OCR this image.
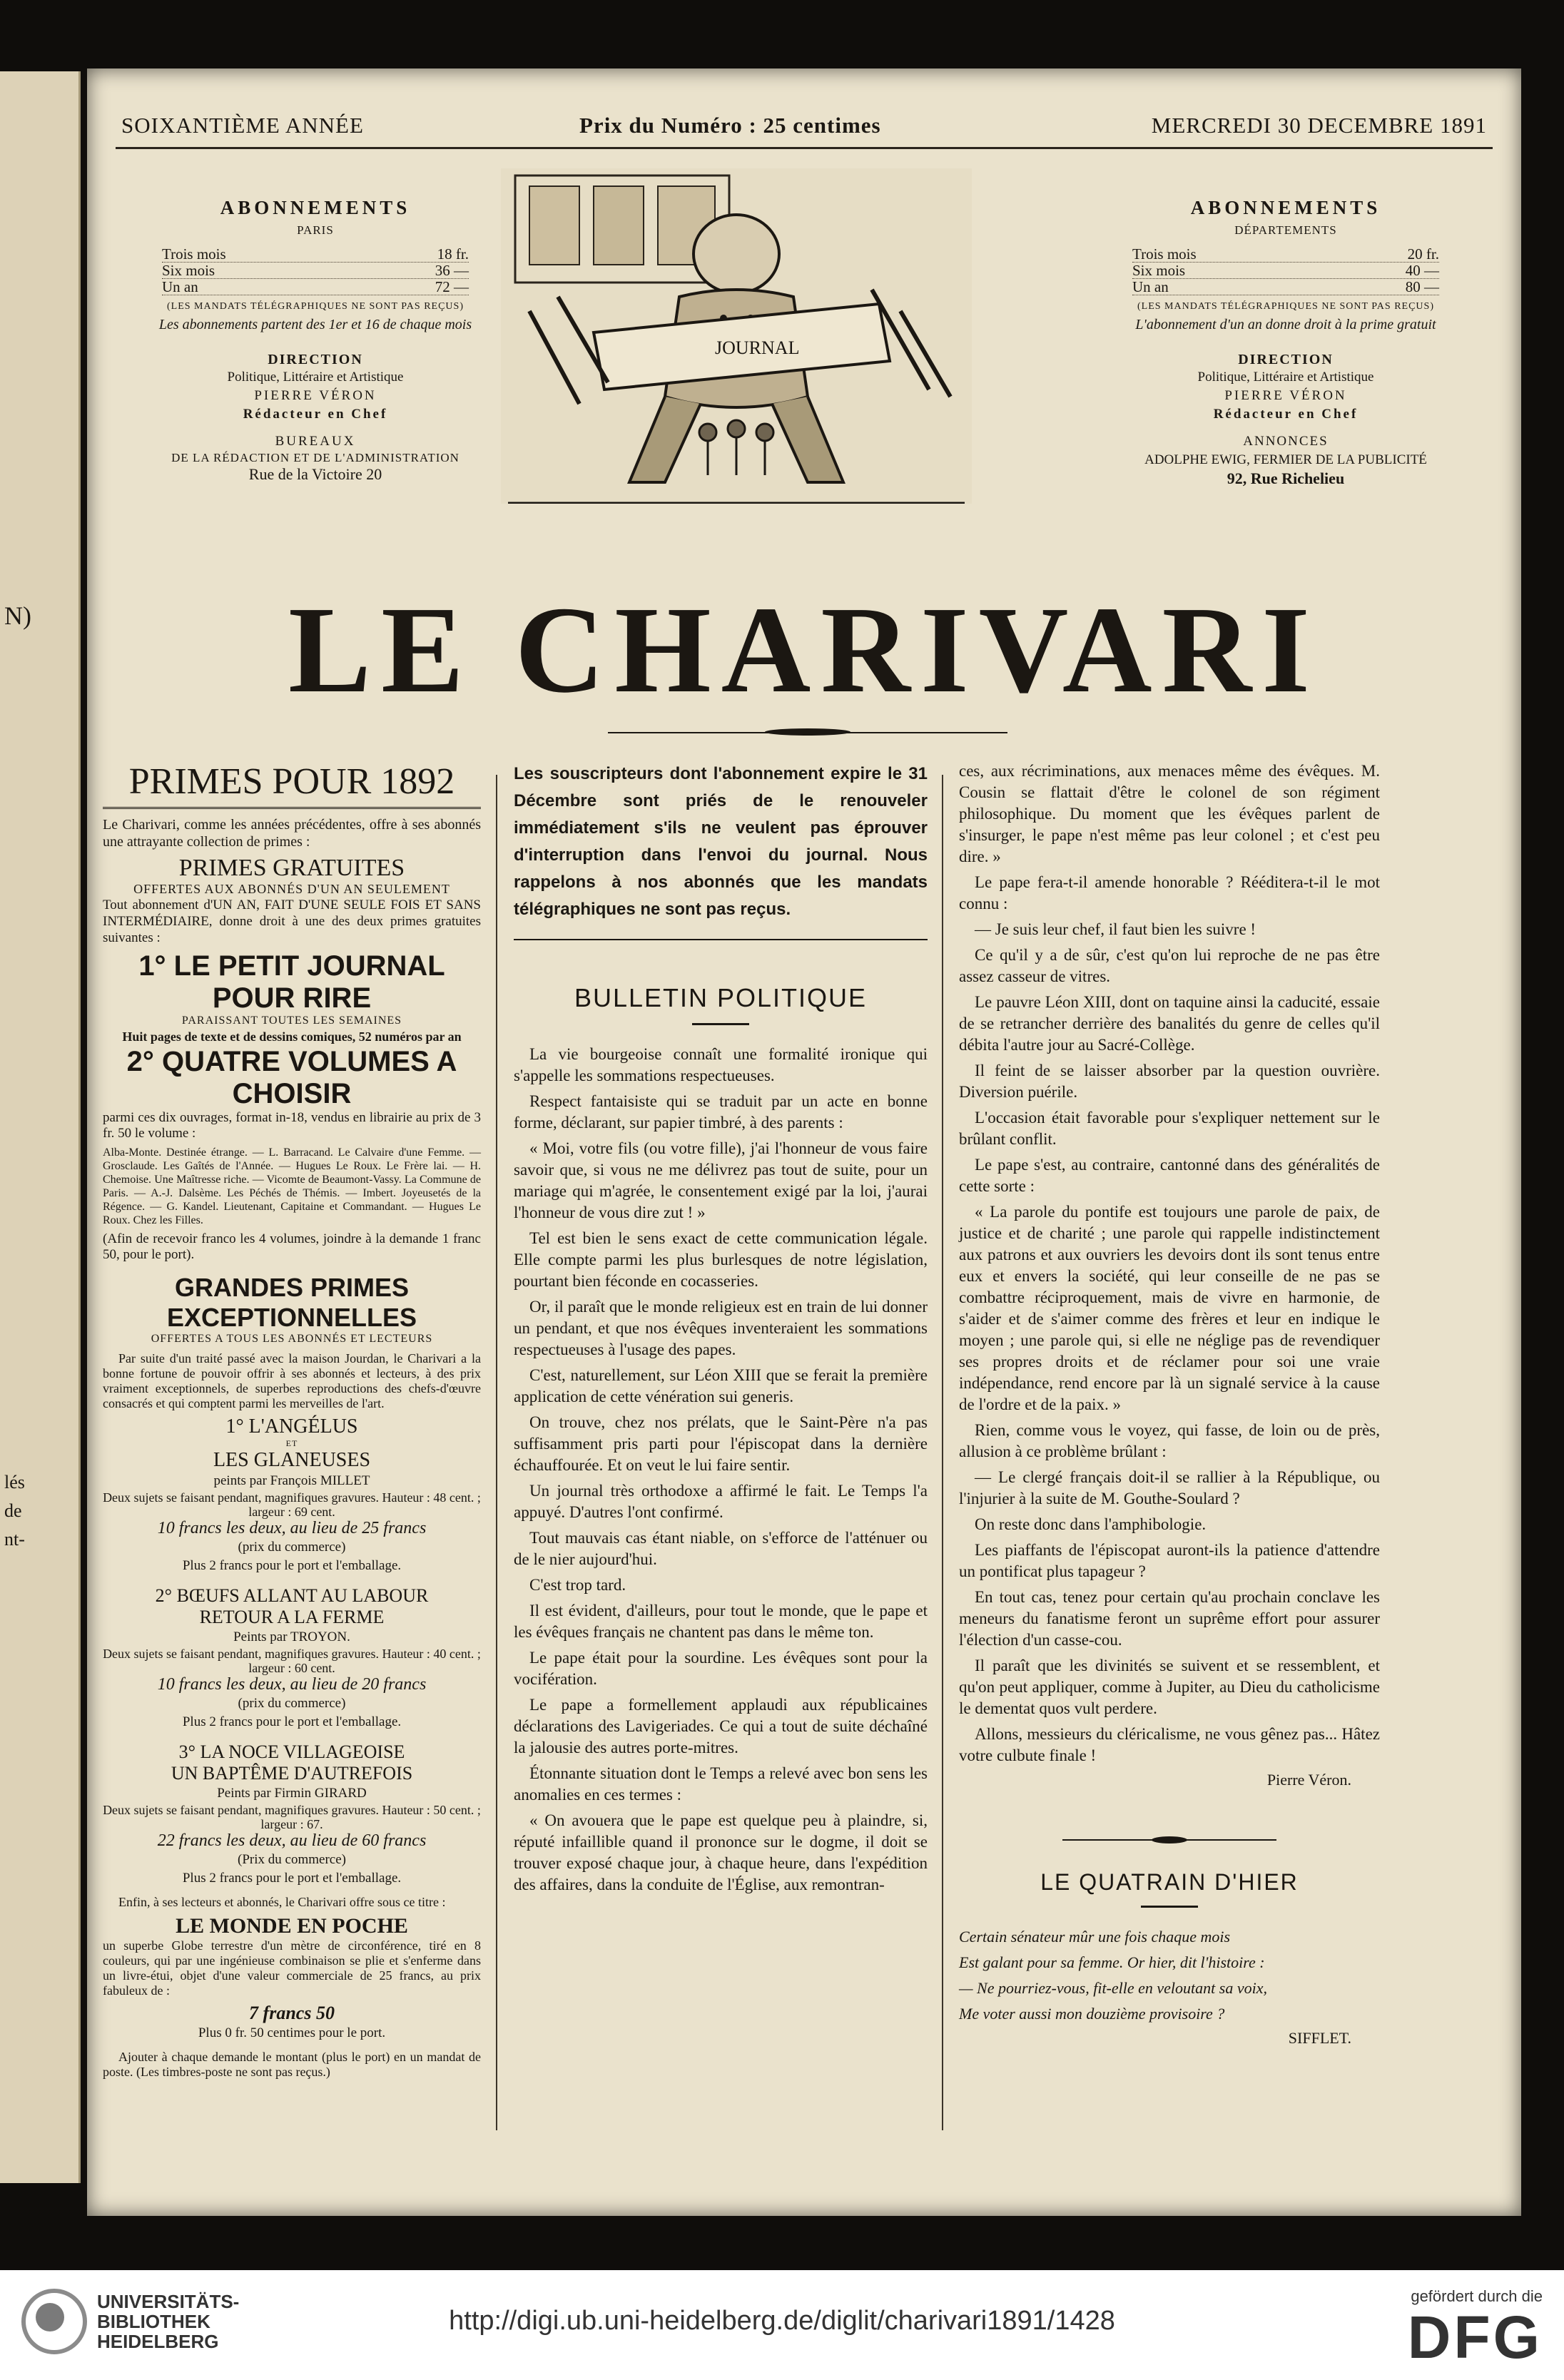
N)
lés
de
nt-
SOIXANTIÈME ANNÉE	Prix du Numéro : 25 centimes	MERCREDI 30 DECEMBRE 1891
ABONNEMENTS
PARIS
Trois mois	18 fr.
Six mois	36 —
Un an	72 —
(LES MANDATS TÉLÉGRAPHIQUES NE SONT PAS REÇUS)
Les abonnements partent des 1er et 16 de chaque mois
DIRECTION
Politique, Littéraire et Artistique
PIERRE VÉRON
Rédacteur en Chef
BUREAUX
DE LA RÉDACTION ET DE L'ADMINISTRATION
Rue de la Victoire 20
JOURNAL
ABONNEMENTS
DÉPARTEMENTS
Trois mois	20 fr.
Six mois	40 —
Un an	80 —
(LES MANDATS TÉLÉGRAPHIQUES NE SONT PAS REÇUS)
L'abonnement d'un an donne droit à la prime gratuit
DIRECTION
Politique, Littéraire et Artistique
PIERRE VÉRON
Rédacteur en Chef
ANNONCES
ADOLPHE EWIG, FERMIER DE LA PUBLICITÉ
92, Rue Richelieu
LE CHARIVARI
PRIMES POUR 1892

Le Charivari, comme les années précédentes, offre à ses abonnés une attrayante collection de primes :

PRIMES GRATUITES
OFFERTES AUX ABONNÉS D'UN AN SEULEMENT

Tout abonnement d'UN AN, FAIT D'UNE SEULE FOIS ET SANS INTERMÉDIAIRE, donne droit à une des deux primes gratuites suivantes :

1° LE PETIT JOURNAL POUR RIRE
PARAISSANT TOUTES LES SEMAINES
Huit pages de texte et de dessins comiques, 52 numéros par an
2° QUATRE VOLUMES A CHOISIR

parmi ces dix ouvrages, format in-18, vendus en librairie au prix de 3 fr. 50 le volume :

Alba-Monte. Destinée étrange. — L. Barracand. Le Calvaire d'une Femme. — Grosclaude. Les Gaîtés de l'Année. — Hugues Le Roux. Le Frère lai. — H. Chemoise. Une Maîtresse riche. — Vicomte de Beaumont-Vassy. La Commune de Paris. — A.-J. Dalsème. Les Péchés de Thémis. — Imbert. Joyeusetés de la Régence. — G. Kandel. Lieutenant, Capitaine et Commandant. — Hugues Le Roux. Chez les Filles.

(Afin de recevoir franco les 4 volumes, joindre à la demande 1 franc 50, pour le port).

GRANDES PRIMES EXCEPTIONNELLES
OFFERTES A TOUS LES ABONNÉS ET LECTEURS

Par suite d'un traité passé avec la maison Jourdan, le Charivari a la bonne fortune de pouvoir offrir à ses abonnés et lecteurs, à des prix vraiment exceptionnels, de superbes reproductions des chefs-d'œuvre consacrés et qui comptent parmi les merveilles de l'art.

1° L'ANGÉLUS
ET
LES GLANEUSES
peints par François MILLET
Deux sujets se faisant pendant, magnifiques gravures. Hauteur : 48 cent. ; largeur : 69 cent.
10 francs les deux, au lieu de 25 francs
(prix du commerce)
Plus 2 francs pour le port et l'emballage.
2° BŒUFS ALLANT AU LABOUR
RETOUR A LA FERME
Peints par TROYON.
Deux sujets se faisant pendant, magnifiques gravures. Hauteur : 40 cent. ; largeur : 60 cent.
10 francs les deux, au lieu de 20 francs
(prix du commerce)
Plus 2 francs pour le port et l'emballage.
3° LA NOCE VILLAGEOISE
UN BAPTÊME D'AUTREFOIS
Peints par Firmin GIRARD
Deux sujets se faisant pendant, magnifiques gravures. Hauteur : 50 cent. ; largeur : 67.
22 francs les deux, au lieu de 60 francs
(Prix du commerce)
Plus 2 francs pour le port et l'emballage.

Enfin, à ses lecteurs et abonnés, le Charivari offre sous ce titre :

LE MONDE EN POCHE

un superbe Globe terrestre d'un mètre de circonférence, tiré en 8 couleurs, qui par une ingénieuse combinaison se plie et s'enferme dans un livre-étui, objet d'une valeur commerciale de 25 francs, au prix fabuleux de :

7 francs 50
Plus 0 fr. 50 centimes pour le port.

Ajouter à chaque demande le montant (plus le port) en un mandat de poste. (Les timbres-poste ne sont pas reçus.)

Les souscripteurs dont l'abonnement expire le 31 Décembre sont priés de le renouveler immédiatement s'ils ne veulent pas éprouver d'interruption dans l'envoi du journal. Nous rappelons à nos abonnés que les mandats télégraphiques ne sont pas reçus.

BULLETIN POLITIQUE

La vie bourgeoise connaît une formalité ironique qui s'appelle les sommations respectueuses.

Respect fantaisiste qui se traduit par un acte en bonne forme, déclarant, sur papier timbré, à des parents :

« Moi, votre fils (ou votre fille), j'ai l'honneur de vous faire savoir que, si vous ne me délivrez pas tout de suite, pour un mariage qui m'agrée, le consentement exigé par la loi, j'aurai l'honneur de vous dire zut ! »

Tel est bien le sens exact de cette communication légale. Elle compte parmi les plus burlesques de notre législation, pourtant bien féconde en cocasseries.

Or, il paraît que le monde religieux est en train de lui donner un pendant, et que nos évêques inventeraient les sommations respectueuses à l'usage des papes.

C'est, naturellement, sur Léon XIII que se ferait la première application de cette vénération sui generis.

On trouve, chez nos prélats, que le Saint-Père n'a pas suffisamment pris parti pour l'épiscopat dans la dernière échauffourée. Et on veut le lui faire sentir.

Un journal très orthodoxe a affirmé le fait. Le Temps l'a appuyé. D'autres l'ont confirmé.

Tout mauvais cas étant niable, on s'efforce de l'atténuer ou de le nier aujourd'hui.

C'est trop tard.

Il est évident, d'ailleurs, pour tout le monde, que le pape et les évêques français ne chantent pas dans le même ton.

Le pape était pour la sourdine. Les évêques sont pour la vocifération.

Le pape a formellement applaudi aux républicaines déclarations des Lavigeriades. Ce qui a tout de suite déchaîné la jalousie des autres porte-mitres.

Étonnante situation dont le Temps a relevé avec bon sens les anomalies en ces termes :

« On avouera que le pape est quelque peu à plaindre, si, réputé infaillible quand il prononce sur le dogme, il doit se trouver exposé chaque jour, à chaque heure, dans l'expédition des affaires, dans la conduite de l'Église, aux remontran-

ces, aux récriminations, aux menaces même des évêques. M. Cousin se flattait d'être le colonel de son régiment philosophique. Du moment que les évêques parlent de s'insurger, le pape n'est même pas leur colonel ; et c'est peu dire. »

Le pape fera-t-il amende honorable ? Rééditera-t-il le mot connu :

— Je suis leur chef, il faut bien les suivre !

Ce qu'il y a de sûr, c'est qu'on lui reproche de ne pas être assez casseur de vitres.

Le pauvre Léon XIII, dont on taquine ainsi la caducité, essaie de se retrancher derrière des banalités du genre de celles qu'il débita l'autre jour au Sacré-Collège.

Il feint de se laisser absorber par la question ouvrière. Diversion puérile.

L'occasion était favorable pour s'expliquer nettement sur le brûlant conflit.

Le pape s'est, au contraire, cantonné dans des généralités de cette sorte :

« La parole du pontife est toujours une parole de paix, de justice et de charité ; une parole qui rappelle indistinctement aux patrons et aux ouvriers les devoirs dont ils sont tenus entre eux et envers la société, qui leur conseille de ne pas se combattre réciproquement, mais de vivre en harmonie, de s'aider et de s'aimer comme des frères et leur en indique le moyen ; une parole qui, si elle ne néglige pas de revendiquer ses propres droits et de réclamer pour soi une vraie indépendance, rend encore par là un signalé service à la cause de l'ordre et de la paix. »

Rien, comme vous le voyez, qui fasse, de loin ou de près, allusion à ce problème brûlant :

— Le clergé français doit-il se rallier à la République, ou l'injurier à la suite de M. Gouthe-Soulard ?

On reste donc dans l'amphibologie.

Les piaffants de l'épiscopat auront-ils la patience d'attendre un pontificat plus tapageur ?

En tout cas, tenez pour certain qu'au prochain conclave les meneurs du fanatisme feront un suprême effort pour assurer l'élection d'un casse-cou.

Il paraît que les divinités se suivent et se ressemblent, et qu'on peut appliquer, comme à Jupiter, au Dieu du catholicisme le dementat quos vult perdere.

Allons, messieurs du cléricalisme, ne vous gênez pas... Hâtez votre culbute finale !

Pierre Véron.
LE QUATRAIN D'HIER

Certain sénateur mûr une fois chaque mois

Est galant pour sa femme. Or hier, dit l'histoire :

— Ne pourriez-vous, fit-elle en veloutant sa voix,

Me voter aussi mon douzième provisoire ?

SIFFLET.
UNIVERSITÄTS-
BIBLIOTHEK
HEIDELBERG
http://digi.ub.uni-heidelberg.de/diglit/charivari1891/1428
gefördert durch die
DFG
